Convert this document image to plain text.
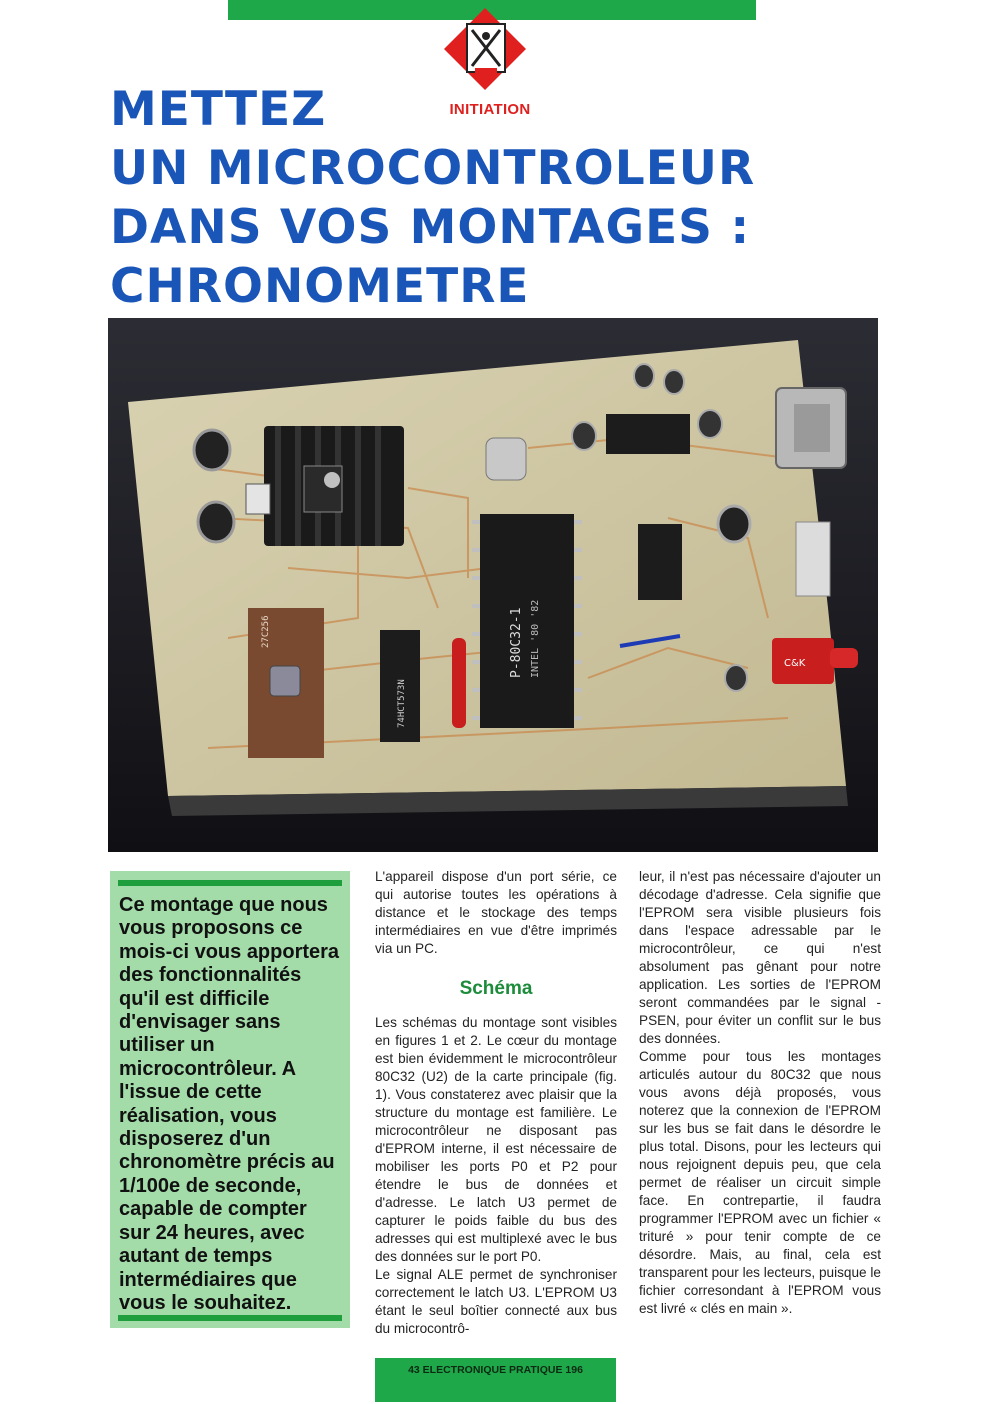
INITIATION
METTEZ
UN MICROCONTROLEUR
DANS VOS MONTAGES :
CHRONOMETRE
P-80C32-1 INTEL '80 '82
27C256
74HCT573N
C&K
Ce montage que nous vous proposons ce mois-ci vous apportera des fonctionnalités qu'il est difficile d'envisager sans utiliser un microcontrôleur. A l'issue de cette réalisation, vous disposerez d'un chronomètre précis au 1/100e de seconde, capable de compter sur 24 heures, avec autant de temps intermédiaires que vous le souhaitez.

L'appareil dispose d'un port série, ce qui autorise toutes les opérations à distance et le stockage des temps intermédiaires en vue d'être imprimés via un PC.

Schéma

Les schémas du montage sont visibles en figures 1 et 2. Le cœur du montage est bien évidemment le microcontrôleur 80C32 (U2) de la carte principale (fig. 1). Vous constaterez avec plaisir que la structure du montage est familière. Le microcontrôleur ne disposant pas d'EPROM interne, il est nécessaire de mobiliser les ports P0 et P2 pour étendre le bus de données et d'adresse. Le latch U3 permet de capturer le poids faible du bus des adresses qui est multiplexé avec le bus des données sur le port P0.

Le signal ALE permet de synchroniser correctement le latch U3. L'EPROM U3 étant le seul boîtier connecté aux bus du microcontrô-

leur, il n'est pas nécessaire d'ajouter un décodage d'adresse. Cela signifie que l'EPROM sera visible plusieurs fois dans l'espace adressable par le microcontrôleur, ce qui n'est absolument pas gênant pour notre application. Les sorties de l'EPROM seront commandées par le signal -PSEN, pour éviter un conflit sur le bus des données.

Comme pour tous les montages articulés autour du 80C32 que nous vous avons déjà proposés, vous noterez que la connexion de l'EPROM sur les bus se fait dans le désordre le plus total. Disons, pour les lecteurs qui nous rejoignent depuis peu, que cela permet de réaliser un circuit simple face. En contrepartie, il faudra programmer l'EPROM avec un fichier « trituré » pour tenir compte de ce désordre. Mais, au final, cela est transparent pour les lecteurs, puisque le fichier corresondant à l'EPROM vous est livré « clés en main ».

43 ELECTRONIQUE PRATIQUE 196
